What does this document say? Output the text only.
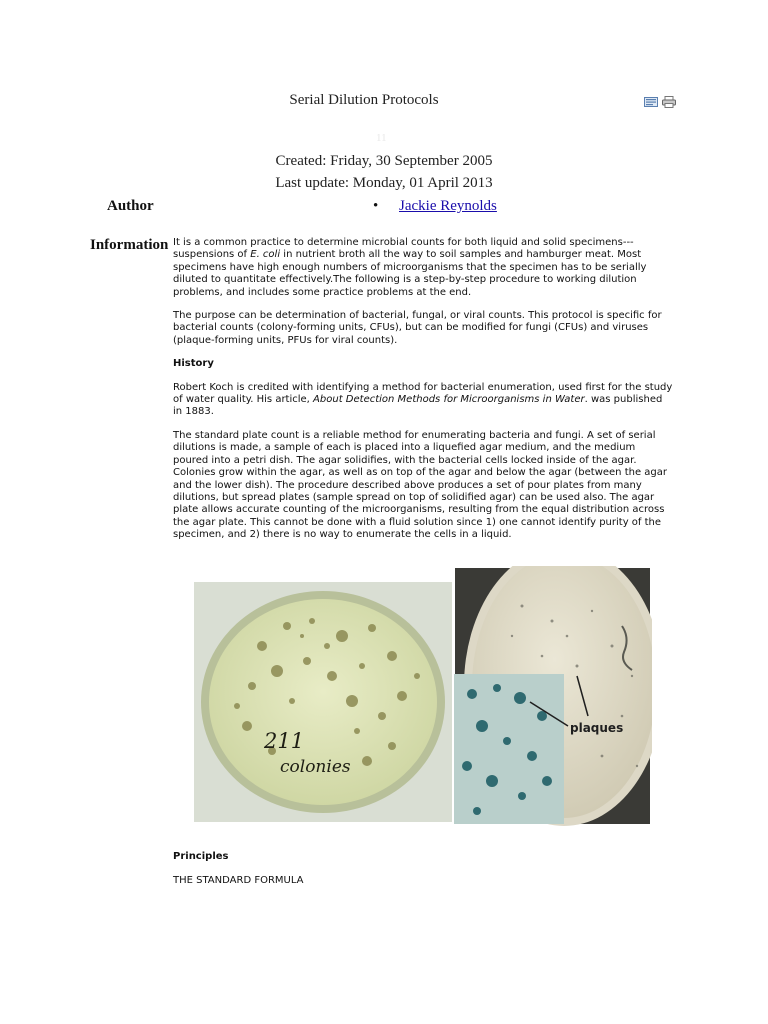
Serial Dilution Protocols
11
Created: Friday, 30 September 2005
Last update: Monday, 01 April 2013
Author	• Jackie Reynolds
Information It is a common practice to determine microbial counts for both liquid and solid specimens---suspensions of E. coli in nutrient broth all the way to soil samples and hamburger meat. Most specimens have high enough numbers of microorganisms that the specimen has to be serially diluted to quantitate effectively.The following is a step-by-step procedure to working dilution problems, and includes some practice problems at the end.

The purpose can be determination of bacterial, fungal, or viral counts. This protocol is specific for bacterial counts (colony-forming units, CFUs), but can be modified for fungi (CFUs) and viruses (plaque-forming units, PFUs for viral counts).

History

Robert Koch is credited with identifying a method for bacterial enumeration, used first for the study of water quality. His article, About Detection Methods for Microorganisms in Water. was published in 1883.

The standard plate count is a reliable method for enumerating bacteria and fungi. A set of serial dilutions is made, a sample of each is placed into a liquefied agar medium, and the medium poured into a petri dish. The agar solidifies, with the bacterial cells locked inside of the agar. Colonies grow within the agar, as well as on top of the agar and below the agar (between the agar and the lower dish). The procedure described above produces a set of pour plates from many dilutions, but spread plates (sample spread on top of solidified agar) can be used also. The agar plate allows accurate counting of the microorganisms, resulting from the equal distribution across the agar plate. This cannot be done with a fluid solution since 1) one cannot identify purity of the specimen, and 2) there is no way to enumerate the cells in a liquid.

211
colonies
plaques
Principles
THE STANDARD FORMULA
